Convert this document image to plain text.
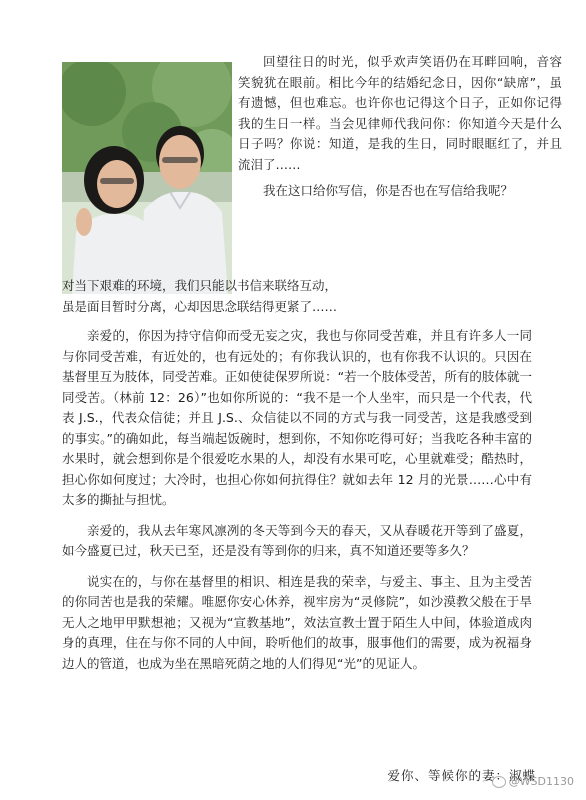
回望往日的时光，似乎欢声笑语仍在耳畔回响，音容笑貌犹在眼前。相比今年的结婚纪念日，因你“缺席”，虽有遗憾，但也难忘。也许你也记得这个日子，正如你记得我的生日一样。当会见律师代我问你：你知道今天是什么日子吗？你说：知道，是我的生日，同时眼眶红了，并且流泪了……

我在这口给你写信，你是否也在写信给我呢？

对当下艰难的环境，我们只能以书信来联络互动，

虽是面目暂时分离，心却因思念联结得更紧了……

亲爱的，你因为持守信仰而受无妄之灾，我也与你同受苦难，并且有许多人一同与你同受苦难，有近处的，也有远处的；有你我认识的，也有你我不认识的。只因在基督里互为肢体，同受苦难。正如使徒保罗所说：“若一个肢体受苦，所有的肢体就一同受苦。（林前 12：26）”也如你所说的：“我不是一个人坐牢，而只是一个代表，代表 J.S.，代表众信徒；并且 J.S.、众信徒以不同的方式与我一同受苦，这是我感受到的事实。”的确如此，每当端起饭碗时，想到你，不知你吃得可好；当我吃各种丰富的水果时，就会想到你是个很爱吃水果的人，却没有水果可吃，心里就难受；酷热时，担心你如何度过；大冷时，也担心你如何抗得住？就如去年 12 月的光景……心中有太多的撕扯与担忧。

亲爱的，我从去年寒风凛冽的冬天等到今天的春天，又从春暖花开等到了盛夏，如今盛夏已过，秋天已至，还是没有等到你的归来，真不知道还要等多久？

说实在的，与你在基督里的相识、相连是我的荣幸，与爱主、事主、且为主受苦的你同苦也是我的荣耀。唯愿你安心休养，视牢房为“灵修院”，如沙漠教父般在于旱无人之地甲甲默想祂；又视为“宣教基地”，效法宣教士置于陌生人中间，体验道成肉身的真理，住在与你不同的人中间，聆听他们的故事，服事他们的需要，成为祝福身边人的管道，也成为坐在黑暗死荫之地的人们得见“光”的见证人。

爱你、等候你的妻：淑蝶
@WSD1130
